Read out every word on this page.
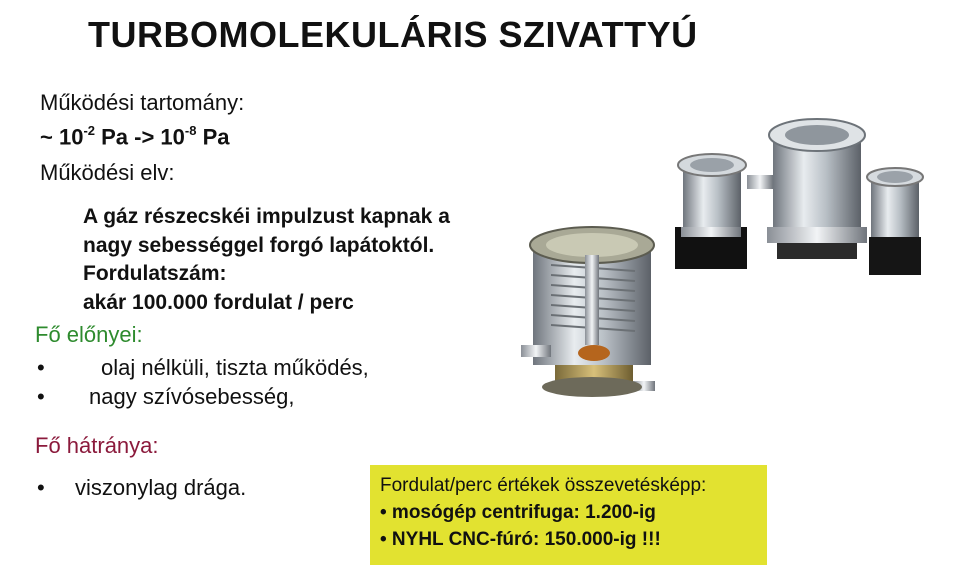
TURBOMOLEKULÁRIS SZIVATTYÚ
Működési tartomány:
~ $10^{-2}$ $Pa -> 10^{-8}$ Pa
Működési elv:
A gáz részecskéi impulzust kapnak a
nagy sebességgel forgó lapátoktól.
Fordulatszám:
akár 100.000 fordulat / perc
Fő előnyei:
•	olaj nélküli, tiszta működés,
• nagy szívósebesség,
Fő hátránya:
• viszonylag drága.	Fordulat/perc értékek összevetésképp:
• mosógép centrifuga: 1.200-ig
• NYHL CNC-fúró: 150.000-ig !!!
